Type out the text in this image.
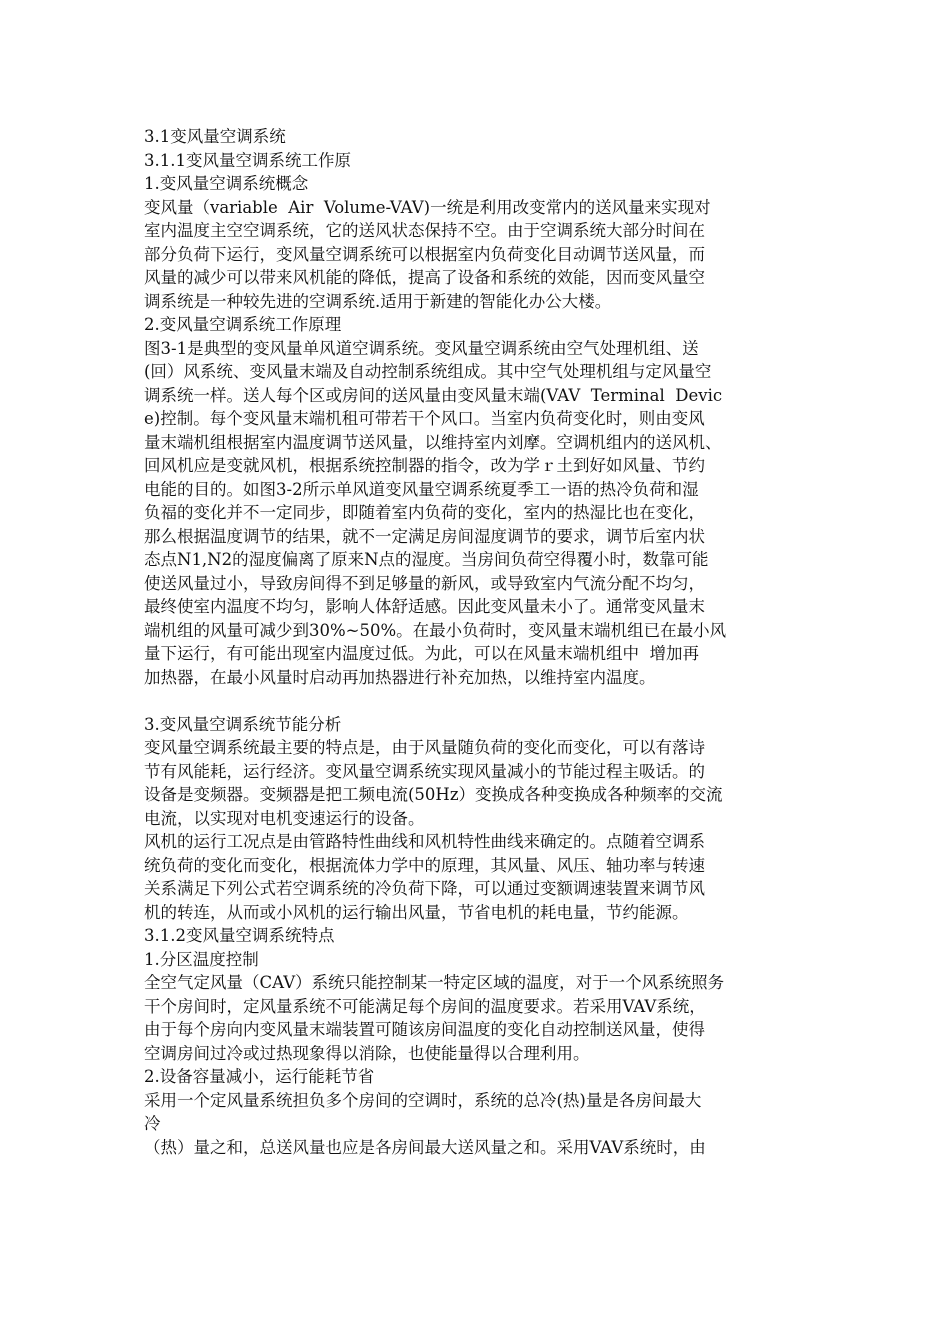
3.1变风量空调系统
3.1.1变风量空调系统工作原
1.变风量空调系统概念
变风量（variable  Air  Volume-VAV)一统是利用改变常内的送风量来实现对
室内温度主空空调系统，它的送风状态保持不空。由于空调系统大部分时间在
部分负荷下运行，变风量空调系统可以根据室内负荷变化目动调节送风量，而
风量的减少可以带来风机能的降低，提高了设备和系统的效能，因而变风量空
调系统是一种较先进的空调系统.适用于新建的智能化办公大楼。
2.变风量空调系统工作原理
图3-1是典型的变风量单风道空调系统。变风量空调系统由空气处理机组、送
(回）风系统、变风量末端及自动控制系统组成。其中空气处理机组与定风量空
调系统一样。送人每个区或房间的送风量由变风量末端(VAV  Terminal  Devic
e)控制。每个变风量末端机租可带若干个风口。当室内负荷变化时，则由变风
量末端机组根据室内温度调节送风量，以维持室内刘摩。空调机组内的送风机、
回风机应是变就风机，根据系统控制器的指令，改为学ｒ土到好如风量、节约
电能的目的。如图3-2所示单风道变风量空调系统夏季工一语的热冷负荷和湿
负福的变化并不一定同步，即随着室内负荷的变化，室内的热湿比也在变化，
那么根据温度调节的结果，就不一定满足房间湿度调节的要求，调节后室内状
态点N1,N2的湿度偏离了原来N点的湿度。当房间负荷空得覆小时，数靠可能
使送风量过小，导致房间得不到足够量的新风，或导致室内气流分配不均匀，
最终使室内温度不均匀，影响人体舒适感。因此变风量未小了。通常变风量末
端机组的风量可减少到30%~50%。在最小负荷时，变风量末端机组已在最小风
量下运行，有可能出现室内温度过低。为此，可以在风量末端机组中  增加再
加热器，在最小风量时启动再加热器进行补充加热，以维持室内温度。
3.变风量空调系统节能分析
变风量空调系统最主要的特点是，由于风量随负荷的变化而变化，可以有落诗
节有风能耗，运行经济。变风量空调系统实现风量减小的节能过程主吸话。的
设备是变频器。变频器是把工频电流(50Hz）变换成各种变换成各种频率的交流
电流，以实现对电机变速运行的设备。
风机的运行工况点是由管路特性曲线和风机特性曲线来确定的。点随着空调系
统负荷的变化而变化，根据流体力学中的原理，其风量、风压、轴功率与转速
关系满足下列公式若空调系统的冷负荷下降，可以通过变额调速装置来调节风
机的转连，从而或小风机的运行输出风量，节省电机的耗电量，节约能源。
3.1.2变风量空调系统特点
1.分区温度控制
全空气定风量（CAV）系统只能控制某一特定区域的温度，对于一个风系统照务
干个房间时，定风量系统不可能满足每个房间的温度要求。若采用VAV系统，
由于每个房向内变风量末端装置可随该房间温度的变化自动控制送风量，使得
空调房间过冷或过热现象得以消除，也使能量得以合理利用。
2.设备容量减小，运行能耗节省
采用一个定风量系统担负多个房间的空调时，系统的总冷(热)量是各房间最大
冷
（热）量之和，总送风量也应是各房间最大送风量之和。采用VAV系统时，由
